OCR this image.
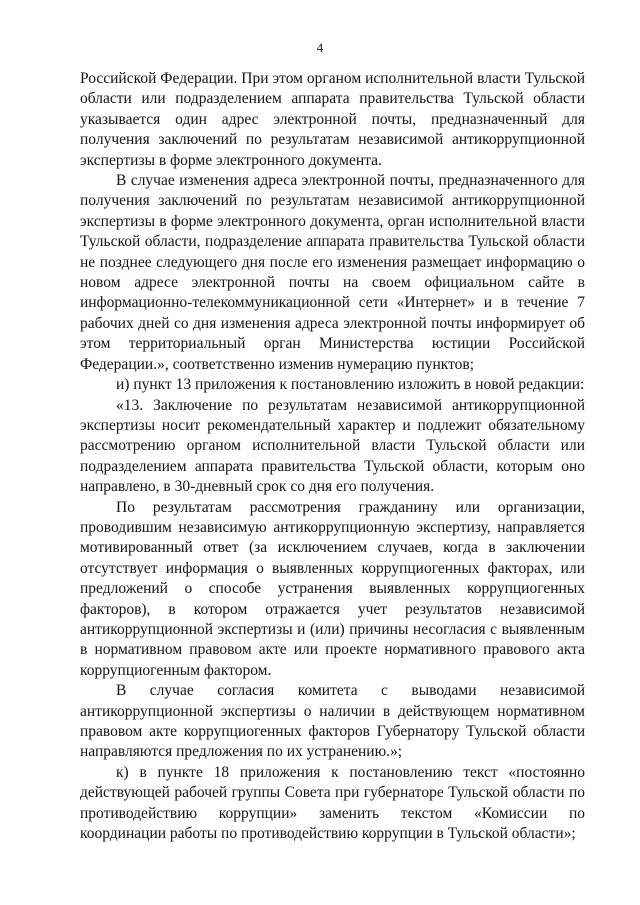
4

Российской Федерации. При этом органом исполнительной власти Тульской области или подразделением аппарата правительства Тульской области указывается один адрес электронной почты, предназначенный для получения заключений по результатам независимой антикоррупционной экспертизы в форме электронного документа.

В случае изменения адреса электронной почты, предназначенного для получения заключений по результатам независимой антикоррупционной экспертизы в форме электронного документа, орган исполнительной власти Тульской области, подразделение аппарата правительства Тульской области не позднее следующего дня после его изменения размещает информацию о новом адресе электронной почты на своем официальном сайте в информационно-телекоммуникационной сети «Интернет» и в течение 7 рабочих дней со дня изменения адреса электронной почты информирует об этом территориальный орган Министерства юстиции Российской Федерации.», соответственно изменив нумерацию пунктов;

и) пункт 13 приложения к постановлению изложить в новой редакции:

«13. Заключение по результатам независимой антикоррупционной экспертизы носит рекомендательный характер и подлежит обязательному рассмотрению органом исполнительной власти Тульской области или подразделением аппарата правительства Тульской области, которым оно направлено, в 30-дневный срок со дня его получения.

По результатам рассмотрения гражданину или организации, проводившим независимую антикоррупционную экспертизу, направляется мотивированный ответ (за исключением случаев, когда в заключении отсутствует информация о выявленных коррупциогенных факторах, или предложений о способе устранения выявленных коррупциогенных факторов), в котором отражается учет результатов независимой антикоррупционной экспертизы и (или) причины несогласия с выявленным в нормативном правовом акте или проекте нормативного правового акта коррупциогенным фактором.

В случае согласия комитета с выводами независимой антикоррупционной экспертизы о наличии в действующем нормативном правовом акте коррупциогенных факторов Губернатору Тульской области направляются предложения по их устранению.»;

к) в пункте 18 приложения к постановлению текст «постоянно действующей рабочей группы Совета при губернаторе Тульской области по противодействию коррупции» заменить текстом «Комиссии по координации работы по противодействию коррупции в Тульской области»;
